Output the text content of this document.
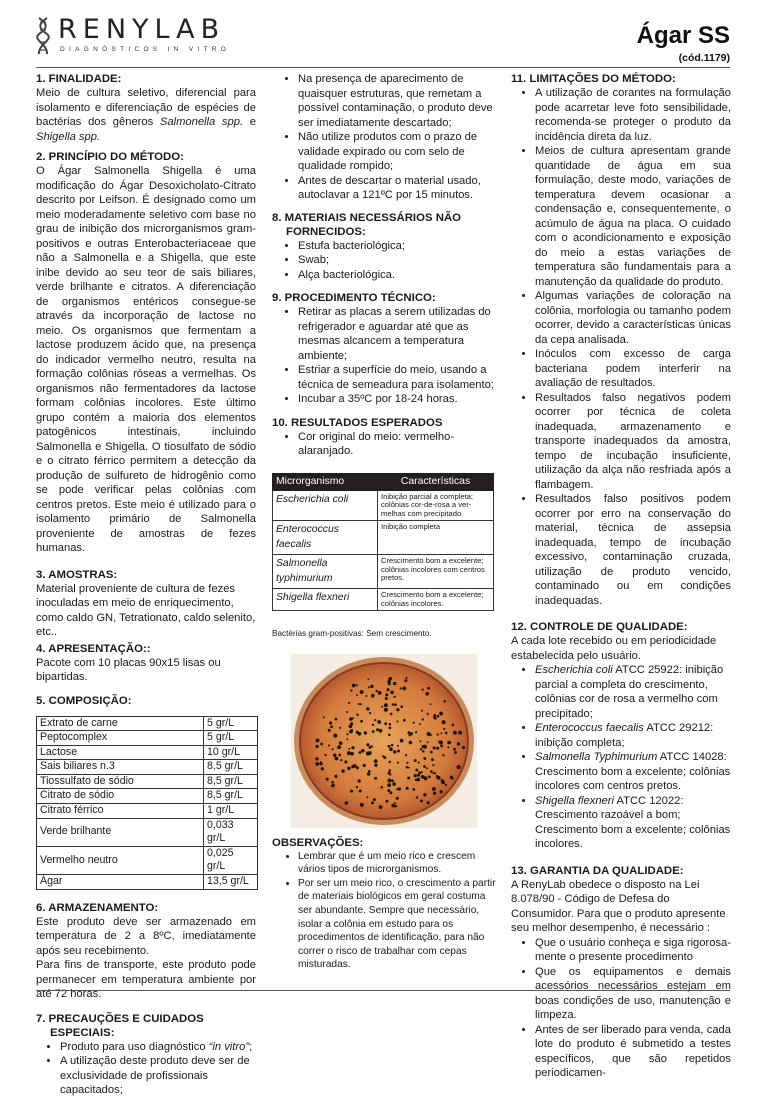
RENYLAB
DIAGNÓSTICOS IN VITRO
Ágar SS
(cód.1179)
1. FINALIDADE:

Meio de cultura seletivo, diferencial para isolamento e diferenciação de espécies de bactérias dos gêneros Salmonella spp. e Shigella spp.

2. PRINCÍPIO DO MÉTODO:

O Ágar Salmonella Shigella é uma modificação do Ágar Desoxicholato-Citrato descrito por Leifson. É designado como um meio moderadamente seletivo com base no grau de inibição dos microrganismos gram-positivos e outras Enterobacteriaceae que não a Salmonella e a Shigella, que este inibe devido ao seu teor de sais biliares, verde brilhante e citratos. A diferenciação de organismos entéricos consegue-se através da incorporação de lactose no meio. Os organismos que fermentam a lactose produzem ácido que, na presença do indicador vermelho neutro, resulta na formação colônias róseas a vermelhas. Os organismos não fermentadores da lactose formam colônias incolores. Este último grupo contém a maioria dos elementos patogênicos intestinais, incluindo Salmonella e Shigella. O tiosulfato de sódio e o citrato férrico permitem a detecção da produção de sulfureto de hidrogênio como se pode verificar pelas colônias com centros pretos. Este meio é utilizado para o isolamento primário de Salmonella proveniente de amostras de fezes humanas.

3. AMOSTRAS:

Material proveniente de cultura de fezes inoculadas em meio de enriquecimento, como caldo GN, Tetrationato, caldo selenito, etc..

4. APRESENTAÇÃO::

Pacote com 10 placas 90x15 lisas ou bipartidas.

5. COMPOSIÇÃO:
Extrato de carne	5 gr/L
Peptocomplex	5 gr/L
Lactose	10 gr/L
Sais biliares n.3	8,5 gr/L
Tiossulfato de sódio	8,5 gr/L
Citrato de sódio	8,5 gr/L
Citrato férrico	1 gr/L
Verde brilhante	0,033 gr/L
Vermelho neutro	0,025 gr/L
Ágar	13,5 gr/L
6. ARMAZENAMENTO:

Este produto deve ser armazenado em temperatura de 2 a 8ºC, imediatamente após seu recebimento.

Para fins de transporte, este produto pode permanecer em temperatura ambiente por até 72 horas.

7. PRECAUÇÕES E CUIDADOS
ESPECIAIS:
• Produto para uso diagnóstico “in vitro”;
• A utilização deste produto deve ser de exclusividade de profissionais capacitados;
• Na presença de aparecimento de quaisquer estruturas, que remetam a possível contaminação, o produto deve ser imediatamente descartado;
• Não utilize produtos com o prazo de validade expirado ou com selo de qualidade rompido;
• Antes de descartar o material usado, autoclavar a 121ºC por 15 minutos.
8. MATERIAIS NECESSÁRIOS NÃO
FORNECIDOS:
• Estufa bacteriológica;
• Swab;
• Alça bacteriológica.
9. PROCEDIMENTO TÉCNICO:
• Retirar as placas a serem utilizadas do refrigerador e aguardar até que as mesmas alcancem a temperatura ambiente;
• Estriar a superfície do meio, usando a técnica de semeadura para isolamento;
• Incubar a 35ºC por 18-24 horas.
10. RESULTADOS ESPERADOS
• Cor original do meio: vermelho-alaranjado.
Microrganismo	Características
Escherichia coli	Inibição parcial a completa; colônias cor-de-rosa a vermelhas com precipitado
Enterococcus faecalis	Inibição completa
Salmonella typhimurium	Crescimento bom a excelente; colônias incolores com centros pretos.
Shigella flexneri	Crescimento bom a excelente; colônias incolores.

Bactérias gram-positivas: Sem crescimento.

OBSERVAÇÕES:
• Lembrar que é um meio rico e crescem vários tipos de microrganismos.
• Por ser um meio rico, o crescimento a partir de materiais biológicos em geral costuma ser abundante. Sempre que necessário, isolar a colônia em estudo para os procedimentos de identificação, para não correr o risco de trabalhar com cepas misturadas.
11. LIMITAÇÕES DO MÉTODO:
• A utilização de corantes na formulação pode acarretar leve foto sensibilidade, recomenda-se proteger o produto da incidência direta da luz.
• Meios de cultura apresentam grande quantidade de água em sua formulação, deste modo, variações de temperatura devem ocasionar a condensação e, consequentemente, o acúmulo de água na placa. O cuidado com o acondicionamento e exposição do meio a estas variações de temperatura são fundamentais para a manutenção da qualidade do produto.
• Algumas variações de coloração na colônia, morfologia ou tamanho podem ocorrer, devido a características únicas da cepa analisada.
• Inóculos com excesso de carga bacteriana podem interferir na avaliação de resultados.
• Resultados falso negativos podem ocorrer por técnica de coleta inadequada, armazenamento e transporte inadequados da amostra, tempo de incubação insuficiente, utilização da alça não resfriada após a flambagem.
• Resultados falso positivos podem ocorrer por erro na conservação do material, técnica de assepsia inadequada, tempo de incubação excessivo, contaminação cruzada, utilização de produto vencido, contaminado ou em condições inadequadas.
12. CONTROLE DE QUALIDADE:

A cada lote recebido ou em periodicidade estabelecida pelo usuário.

• Escherichia coli ATCC 25922: inibição parcial a completa do crescimento, colônias cor de rosa a vermelho com precipitado;
• Enterococcus faecalis ATCC 29212: inibição completa;
• Salmonella Typhimurium ATCC 14028: Crescimento bom a excelente; colônias incolores com centros pretos.
• Shigella flexneri ATCC 12022: Crescimento razoável a bom; Crescimento bom a excelente; colônias incolores.
13. GARANTIA DA QUALIDADE:

A RenyLab obedece o disposto na Lei 8.078/90 - Código de Defesa do Consumidor. Para que o produto apresente seu melhor desempenho, é necessário :

• Que o usuário conheça e siga rigorosamente o presente procedimento
• Que os equipamentos e demais acessórios necessários estejam em boas condições de uso, manutenção e limpeza.
• Antes de ser liberado para venda, cada lote do produto é submetido a testes específicos, que são repetidos periodicamen-
